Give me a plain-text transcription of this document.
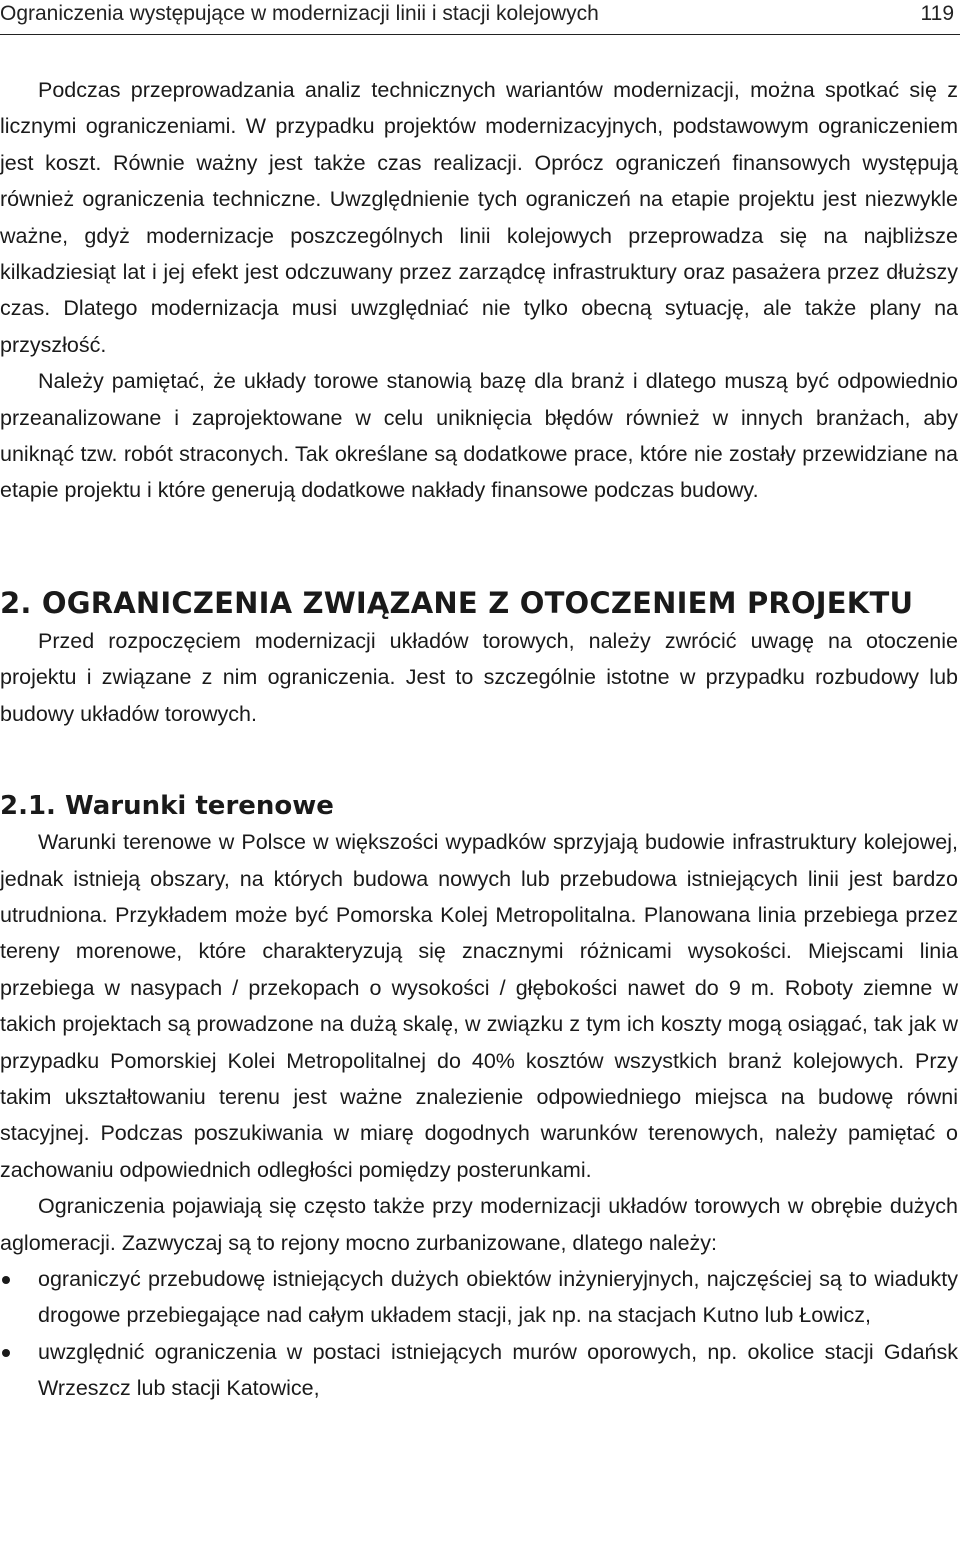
Ograniczenia występujące w modernizacji linii i stacji kolejowych	119

Podczas przeprowadzania analiz technicznych wariantów modernizacji, można spotkać się z licznymi ograniczeniami. W przypadku projektów modernizacyjnych, podstawowym ograniczeniem jest koszt. Równie ważny jest także czas realizacji. Oprócz ograniczeń finansowych występują również ograniczenia techniczne. Uwzględnienie tych ograniczeń na etapie projektu jest niezwykle ważne, gdyż modernizacje poszczególnych linii kolejowych przeprowadza się na najbliższe kilkadziesiąt lat i jej efekt jest odczuwany przez zarządcę infrastruktury oraz pasażera przez dłuższy czas. Dlatego modernizacja musi uwzględniać nie tylko obecną sytuację, ale także plany na przyszłość.

Należy pamiętać, że układy torowe stanowią bazę dla branż i dlatego muszą być odpowiednio przeanalizowane i zaprojektowane w celu uniknięcia błędów również w innych branżach, aby uniknąć tzw. robót straconych. Tak określane są dodatkowe prace, które nie zostały przewidziane na etapie projektu i które generują dodatkowe nakłady finansowe podczas budowy.

2. OGRANICZENIA ZWIĄZANE Z OTOCZENIEM PROJEKTU

Przed rozpoczęciem modernizacji układów torowych, należy zwrócić uwagę na otoczenie projektu i związane z nim ograniczenia. Jest to szczególnie istotne w przypadku rozbudowy lub budowy układów torowych.

2.1. Warunki terenowe

Warunki terenowe w Polsce w większości wypadków sprzyjają budowie infrastruktury kolejowej, jednak istnieją obszary, na których budowa nowych lub przebudowa istniejących linii jest bardzo utrudniona. Przykładem może być Pomorska Kolej Metropolitalna. Planowana linia przebiega przez tereny morenowe, które charakteryzują się znacznymi różnicami wysokości. Miejscami linia przebiega w nasypach / przekopach o wysokości / głębokości nawet do 9 m. Roboty ziemne w takich projektach są prowadzone na dużą skalę, w związku z tym ich koszty mogą osiągać, tak jak w przypadku Pomorskiej Kolei Metropolitalnej do 40% kosztów wszystkich branż kolejowych. Przy takim ukształtowaniu terenu jest ważne znalezienie odpowiedniego miejsca na budowę równi stacyjnej. Podczas poszukiwania w miarę dogodnych warunków terenowych, należy pamiętać o zachowaniu odpowiednich odległości pomiędzy posterunkami.

Ograniczenia pojawiają się często także przy modernizacji układów torowych w obrębie dużych aglomeracji. Zazwyczaj są to rejony mocno zurbanizowane, dlatego należy:

ograniczyć przebudowę istniejących dużych obiektów inżynieryjnych, najczęściej są to wiadukty drogowe przebiegające nad całym układem stacji, jak np. na stacjach Kutno lub Łowicz,
uwzględnić ograniczenia w postaci istniejących murów oporowych, np. okolice stacji Gdańsk Wrzeszcz lub stacji Katowice,
